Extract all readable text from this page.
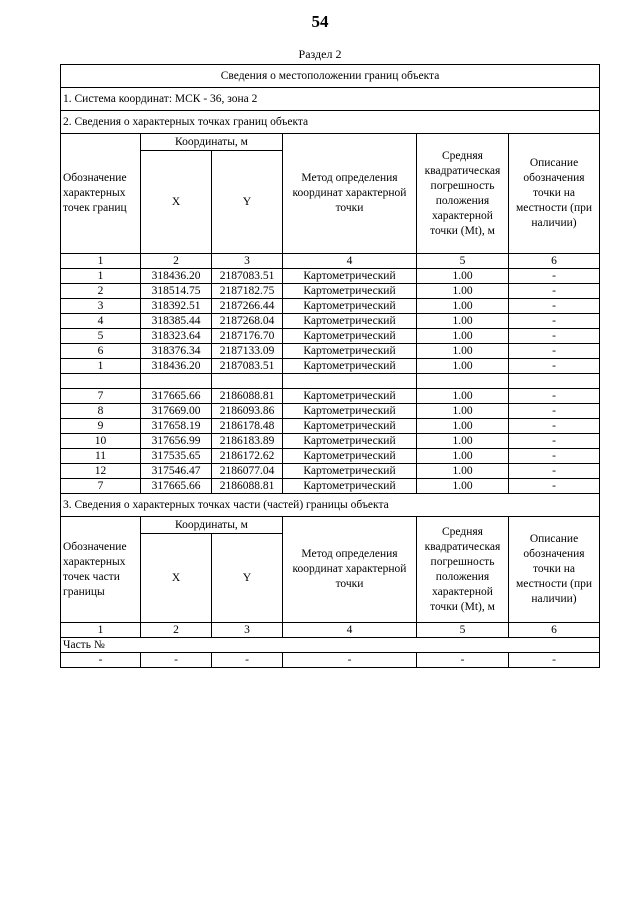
54
Раздел 2
Сведения о местоположении границ объекта					
1. Система координат: МСК - 36, зона 2					
2. Сведения о характерных точках границ объекта					
Обозначение характерных точек границ	Координаты, м		Метод определения координат характерной точки	Средняя квадратическая погрешность положения характерной точки (Mt), м	Описание обозначения точки на местности (при наличии)
	X	Y			
1	2	3	4	5	6
1	318436.20	2187083.51	Картометрический	1.00	-
2	318514.75	2187182.75	Картометрический	1.00	-
3	318392.51	2187266.44	Картометрический	1.00	-
4	318385.44	2187268.04	Картометрический	1.00	-
5	318323.64	2187176.70	Картометрический	1.00	-
6	318376.34	2187133.09	Картометрический	1.00	-
1	318436.20	2187083.51	Картометрический	1.00	-

7	317665.66	2186088.81	Картометрический	1.00	-
8	317669.00	2186093.86	Картометрический	1.00	-
9	317658.19	2186178.48	Картометрический	1.00	-
10	317656.99	2186183.89	Картометрический	1.00	-
11	317535.65	2186172.62	Картометрический	1.00	-
12	317546.47	2186077.04	Картометрический	1.00	-
7	317665.66	2186088.81	Картометрический	1.00	-
3. Сведения о характерных точках части (частей) границы объекта					
Обозначение характерных точек части границы	Координаты, м		Метод определения координат характерной точки	Средняя квадратическая погрешность положения характерной точки (Mt), м	Описание обозначения точки на местности (при наличии)
	X	Y			
1	2	3	4	5	6
Часть №					
-	-	-	-	-	-
